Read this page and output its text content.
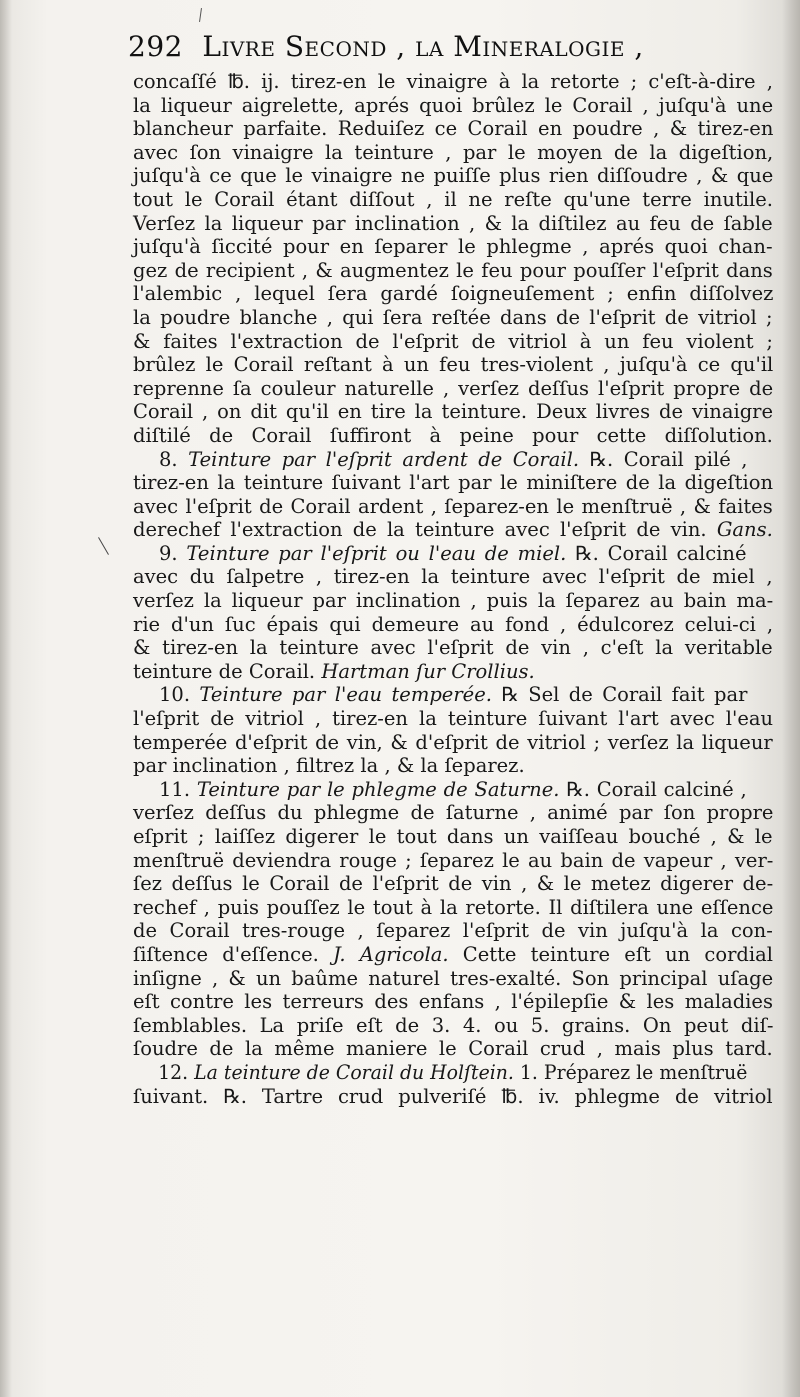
292 Livre Second , la Mineralogie ,
concaſſé ℔. ij. tirez-en le vinaigre à la retorte ; c'eſt-à-dire ,
la liqueur aigrelette, aprés quoi brûlez le Corail , juſqu'à une
blancheur parfaite. Reduiſez ce Corail en poudre , & tirez-en
avec ſon vinaigre la teinture , par le moyen de la digeſtion,
juſqu'à ce que le vinaigre ne puiſſe plus rien diſſoudre , & que
tout le Corail étant diſſout , il ne reſte qu'une terre inutile.
Verſez la liqueur par inclination , & la diſtilez au feu de ſable
juſqu'à ſiccité pour en ſeparer le phlegme , aprés quoi chan-
gez de recipient , & augmentez le feu pour pouſſer l'eſprit dans
l'alembic , lequel ſera gardé ſoigneuſement ; enfin diſſolvez
la poudre blanche , qui ſera reſtée dans de l'eſprit de vitriol ;
& faites l'extraction de l'eſprit de vitriol à un feu violent ;
brûlez le Corail reſtant à un feu tres-violent , juſqu'à ce qu'il
reprenne ſa couleur naturelle , verſez deſſus l'eſprit propre de
Corail , on dit qu'il en tire la teinture. Deux livres de vinaigre
diſtilé de Corail ſuffiront à peine pour cette diſſolution.
8. Teinture par l'eſprit ardent de Corail. ℞. Corail pilé ,
tirez-en la teinture ſuivant l'art par le miniſtere de la digeſtion
avec l'eſprit de Corail ardent , ſeparez-en le menſtruë , & faites
derechef l'extraction de la teinture avec l'eſprit de vin. Gans.
9. Teinture par l'eſprit ou l'eau de miel. ℞. Corail calciné
avec du ſalpetre , tirez-en la teinture avec l'eſprit de miel ,
verſez la liqueur par inclination , puis la ſeparez au bain ma-
rie d'un ſuc épais qui demeure au fond , édulcorez celui-ci ,
& tirez-en la teinture avec l'eſprit de vin , c'eſt la veritable
teinture de Corail. Hartman ſur Crollius.
10. Teinture par l'eau temperée. ℞ Sel de Corail fait par
l'eſprit de vitriol , tirez-en la teinture ſuivant l'art avec l'eau
temperée d'eſprit de vin, & d'eſprit de vitriol ; verſez la liqueur
par inclination , filtrez la , & la ſeparez.
11. Teinture par le phlegme de Saturne. ℞. Corail calciné ,
verſez deſſus du phlegme de ſaturne , animé par ſon propre
eſprit ; laiſſez digerer le tout dans un vaiſſeau bouché , & le
menſtruë deviendra rouge ; ſeparez le au bain de vapeur , ver-
ſez deſſus le Corail de l'eſprit de vin , & le metez digerer de-
rechef , puis pouſſez le tout à la retorte. Il diſtilera une eſſence
de Corail tres-rouge , ſeparez l'eſprit de vin juſqu'à la con-
ſiſtence d'eſſence. J. Agricola. Cette teinture eſt un cordial
inſigne , & un baûme naturel tres-exalté. Son principal uſage
eſt contre les terreurs des enfans , l'épilepſie & les maladies
ſemblables. La priſe eſt de 3. 4. ou 5. grains. On peut diſ-
ſoudre de la même maniere le Corail crud , mais plus tard.
12. La teinture de Corail du Holſtein. 1. Préparez le menſtruë
ſuivant. ℞. Tartre crud pulveriſé ℔. iv. phlegme de vitriol
